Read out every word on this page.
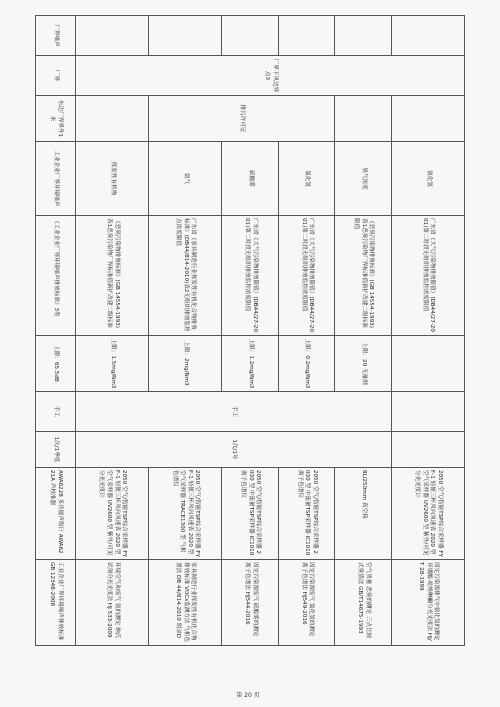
	厂界下风边界点3		氨化氢	广东省《大气污染物排放限值》(DB44/27-2001)第二时段无组织排放监控浓度限值				2050 空气/智能TSP综合采样器 FYF-1 轻便三杯风向风速表 2020 型 空气采样器 UV2600 型 紫外/可见分光光度计	固定污染源排气中氨化氢的测定 异烟酸-吡唑啉酮分光光度法 HJ/T 28-1999
			臭气浓度	《恶臭污染物排放标准》(GB 14554-1993)表1恶臭污染物厂界标准值新扩改建二级标准限值	上限：20 无量纲	手工	1次/1年	8L/250mm 真空箱	空气质量 恶臭的测定 三点比较式臭袋法 GB/T14675-1993
		排污许可证	氯化氢	广东省《大气污染物排放限值》(DB44/27-2001)第二时段无组织排放监控浓度限值	上限：0.2mg/Nm3			2050 空气/智能TSP综合采样器 2030 型 中流量TSP采样器 IC1010 离子色谱仪	固定污染源废气 氯化氢的测定 离子色谱法 HJ549-2016
			硫酸雾	广东省《大气污染物排放限值》(DB44/27-2001)第二时段无组织排放监控浓度限值	上限：1.2mg/Nm3			2050 空气/智能TSP综合采样器 2030 型 中流量TSP采样器 IC1010 离子色谱仪	固定污染源废气 硫酸雾的测定 离子色谱法 HJ544-2016
			氨气	广东省《家具制造行业挥发性有机化合物排放标准》(DB44/814-2010)表2无组织排放监控点浓度限值	上限：2mg/Nm3			2050 空气/智能TSP综合采样器 FYF-1 轻便三杯风向风速表 2020 型 空气采样器 TRACE1300 型 气相色谱仪	家具制造行业挥发性有机化合物排放标准 VOCs监测方法 气相色谱法 DB 44/814-2010 附录D
			挥发性有机物	《恶臭污染物排放标准》(GB 14554-1993)表1恶臭污染物厂界标准值新扩改建二级标准	上限：1.5mg/Nm3			2050 空气/智能TSP综合采样器 FYF-1 轻便三杯风向风速表 2020 型 空气采样器 UV2600 型 紫外/可见分光光度计	环境空气和废气 氨的测定 纳氏试剂分光光度法 HJ 533-2009
厂界噪声	厂界	东边厂界界外1米	工业企业厂界环境噪声	《工业企业厂界环境噪声排放标准》3类	上限：65.5dB	手工	1次/1季度	AWA6228 多功能声级计 AWA6221A 声校准器	工业企业厂界环境噪声排放标准 GB 12348-2008
第 20 页
